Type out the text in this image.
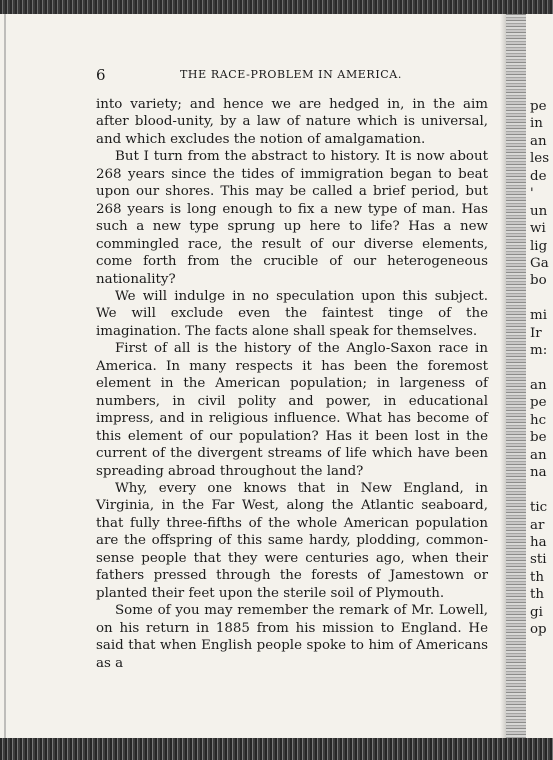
6	THE RACE-PROBLEM IN AMERICA.

into variety; and hence we are hedged in, in the aim after blood-unity, by a law of nature which is universal, and which excludes the notion of amalgamation.

But I turn from the abstract to history. It is now about 268 years since the tides of immigration began to beat upon our shores. This may be called a brief period, but 268 years is long enough to fix a new type of man. Has such a new type sprung up here to life? Has a new commingled race, the result of our diverse elements, come forth from the crucible of our heterogeneous nationality?

We will indulge in no speculation upon this subject. We will exclude even the faintest tinge of the imagination. The facts alone shall speak for themselves.

First of all is the history of the Anglo-Saxon race in America. In many respects it has been the foremost element in the American population; in largeness of numbers, in civil polity and power, in educational impress, and in religious influence. What has become of this element of our population? Has it been lost in the current of the divergent streams of life which have been spreading abroad throughout the land?

Why, every one knows that in New England, in Virginia, in the Far West, along the Atlantic seaboard, that fully three-fifths of the whole American population are the offspring of this same hardy, plodding, common-sense people that they were centuries ago, when their fathers pressed through the forests of Jamestown or planted their feet upon the sterile soil of Plymouth.

Some of you may remember the remark of Mr. Lowell, on his return in 1885 from his mission to England. He said that when English people spoke to him of Americans as a

pe
in
an
les
de
'
un
wi
lig
Ga
bo
mi
Ir
m:
an
pe
hc
be
an
na
tic
ar
ha
sti
th
th
gi
op
